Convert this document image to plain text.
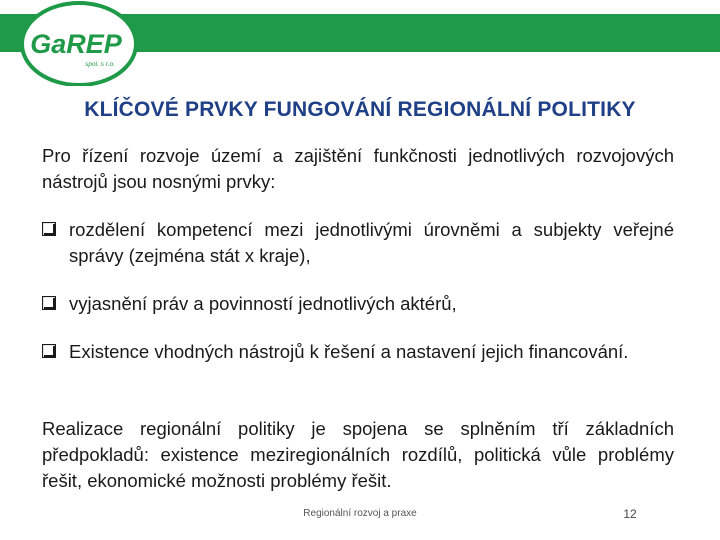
GaREP
spol. s r.o.
KLÍČOVÉ PRVKY FUNGOVÁNÍ REGIONÁLNÍ POLITIKY
Pro řízení rozvoje území a zajištění funkčnosti jednotlivých rozvojových nástrojů jsou nosnými prvky:
rozdělení kompetencí mezi jednotlivými úrovněmi a subjekty veřejné správy (zejména stát x kraje),
vyjasnění práv a povinností jednotlivých aktérů,
Existence vhodných nástrojů k řešení a nastavení jejich financování.
Realizace regionální politiky je spojena se splněním tří základních předpokladů: existence meziregionálních rozdílů, politická vůle problémy řešit, ekonomické možnosti problémy řešit.
Regionální rozvoj a praxe	12
